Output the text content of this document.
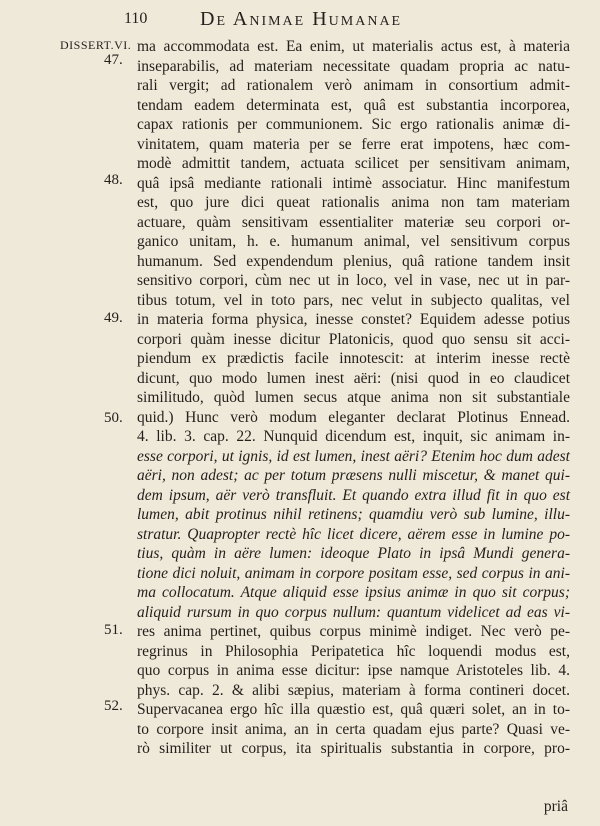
110	De Animae Humanae
DISSERT.VI.
47.
48.
49.
50.
51.
52.
ma accommodata est. Ea enim, ut materialis actus est, à materia
inseparabilis, ad materiam necessitate quadam propria ac natu-
rali vergit; ad rationalem verò animam in consortium admit-
tendam eadem determinata est, quâ est substantia incorporea,
capax rationis per communionem. Sic ergo rationalis animæ di-
vinitatem, quam materia per se ferre erat impotens, hæc com-
modè admittit tandem, actuata scilicet per sensitivam animam,
quâ ipsâ mediante rationali intimè associatur. Hinc manifestum
est, quo jure dici queat rationalis anima non tam materiam
actuare, quàm sensitivam essentialiter materiæ seu corpori or-
ganico unitam, h. e. humanum animal, vel sensitivum corpus
humanum. Sed expendendum plenius, quâ ratione tandem insit
sensitivo corpori, cùm nec ut in loco, vel in vase, nec ut in par-
tibus totum, vel in toto pars, nec velut in subjecto qualitas, vel
in materia forma physica, inesse constet? Equidem adesse potius
corpori quàm inesse dicitur Platonicis, quod quo sensu sit acci-
piendum ex prædictis facile innotescit: at interim inesse rectè
dicunt, quo modo lumen inest aëri: (nisi quod in eo claudicet
similitudo, quòd lumen secus atque anima non sit substantiale
quid.) Hunc verò modum eleganter declarat Plotinus Ennead.
4. lib. 3. cap. 22. Nunquid dicendum est, inquit, sic animam in-
esse corpori, ut ignis, id est lumen, inest aëri? Etenim hoc dum adest
aëri, non adest; ac per totum præsens nulli miscetur, & manet qui-
dem ipsum, aër verò transfluit. Et quando extra illud fit in quo est
lumen, abit protinus nihil retinens; quamdiu verò sub lumine, illu-
stratur. Quapropter rectè hîc licet dicere, aërem esse in lumine po-
tius, quàm in aëre lumen: ideoque Plato in ipsâ Mundi genera-
tione dici noluit, animam in corpore positam esse, sed corpus in ani-
ma collocatum. Atque aliquid esse ipsius animæ in quo sit corpus;
aliquid rursum in quo corpus nullum: quantum videlicet ad eas vi-
res anima pertinet, quibus corpus minimè indiget. Nec verò pe-
regrinus in Philosophia Peripatetica hîc loquendi modus est,
quo corpus in anima esse dicitur: ipse namque Aristoteles lib. 4.
phys. cap. 2. & alibi sæpius, materiam à forma contineri docet.
Supervacanea ergo hîc illa quæstio est, quâ quæri solet, an in to-
to corpore insit anima, an in certa quadam ejus parte? Quasi ve-
rò similiter ut corpus, ita spiritualis substantia in corpore, pro-
priâ
